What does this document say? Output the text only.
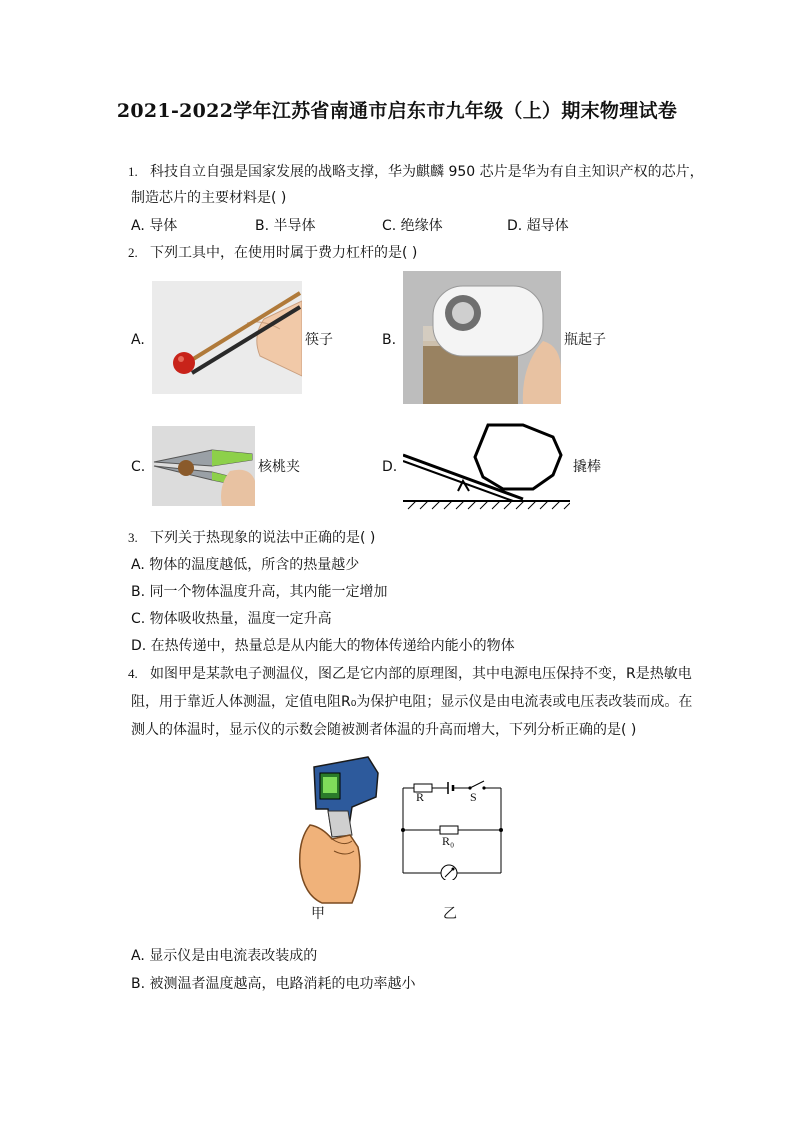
2021-2022学年江苏省南通市启东市九年级（上）期末物理试卷
1. 科技自立自强是国家发展的战略支撑，华为麒麟 950 芯片是华为有自主知识产权的芯片，
制造芯片的主要材料是( )
A. 导体	B. 半导体	C. 绝缘体	D. 超导体
2. 下列工具中，在使用时属于费力杠杆的是( )
A.	筷子	B.	瓶起子
C.	核桃夹	D.	撬棒
3. 下列关于热现象的说法中正确的是( )
A. 物体的温度越低，所含的热量越少
B. 同一个物体温度升高，其内能一定增加
C. 物体吸收热量，温度一定升高
D. 在热传递中，热量总是从内能大的物体传递给内能小的物体
4. 如图甲是某款电子测温仪，图乙是它内部的原理图，其中电源电压保持不变，R是热敏电
阻，用于靠近人体测温，定值电阻R₀为保护电阻；显示仪是由电流表或电压表改装而成。在
测人的体温时，显示仪的示数会随被测者体温的升高而增大，下列分析正确的是( )
甲
R	S
R₀
乙
A. 显示仪是由电流表改装成的
B. 被测温者温度越高，电路消耗的电功率越小
